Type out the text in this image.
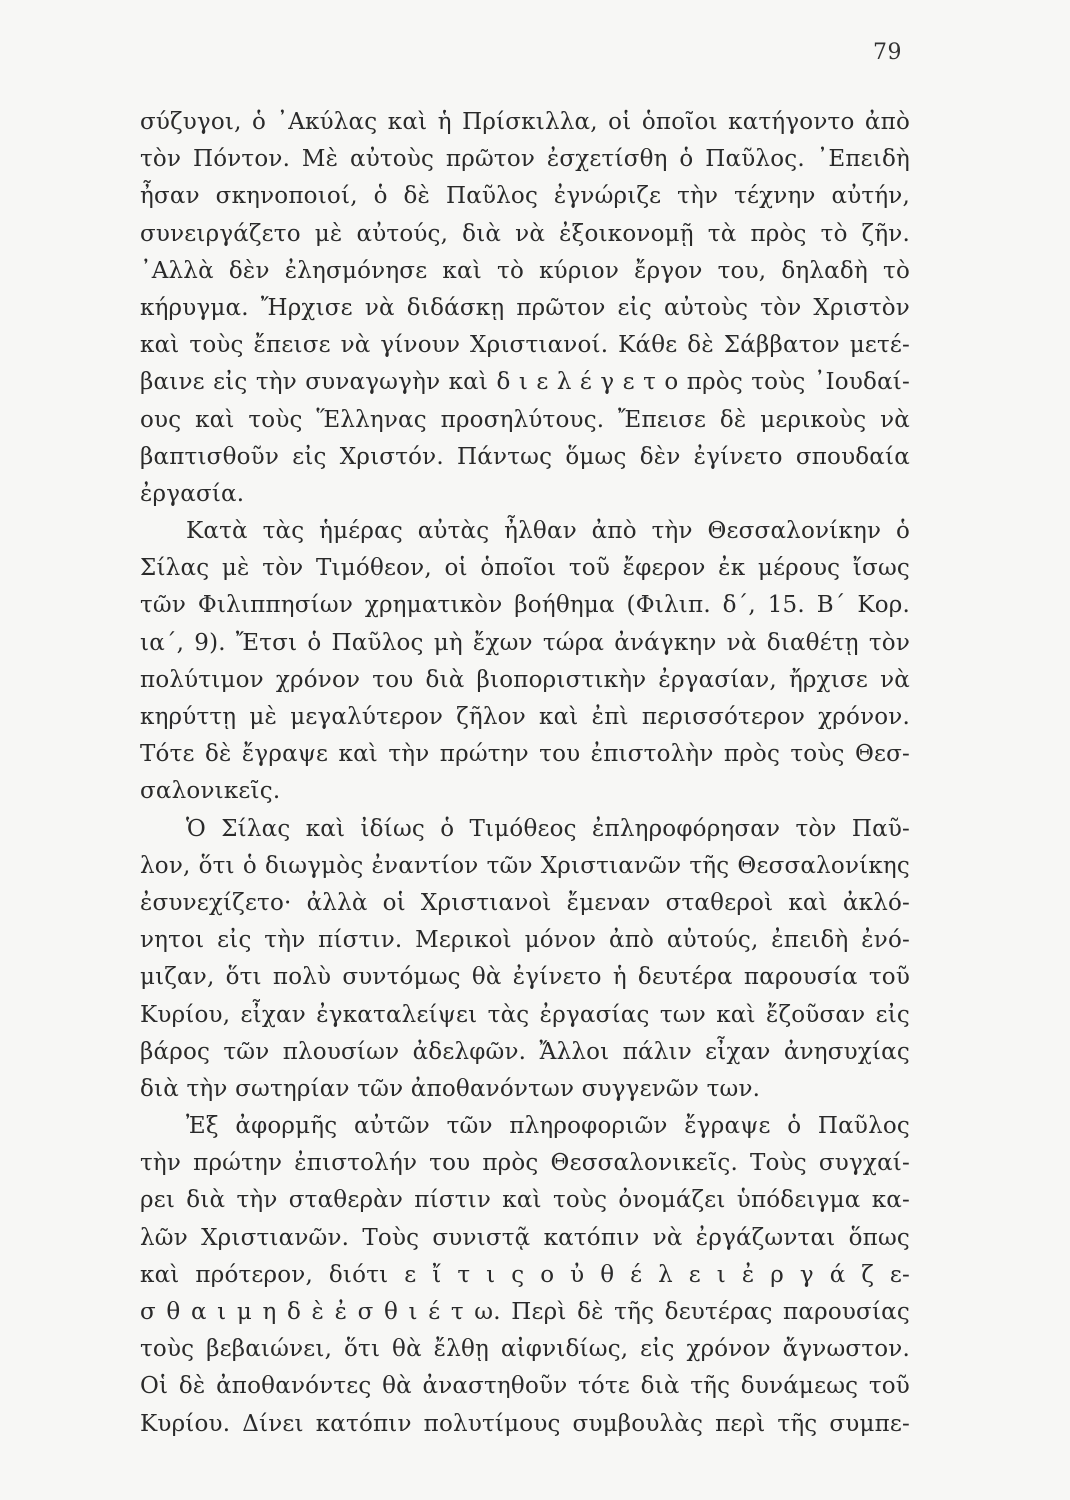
79
σύζυγοι, ὁ ᾿Ακύλας καὶ ἡ Πρίσκιλλα, οἱ ὁποῖοι κατήγοντο ἀπὸ
τὸν Πόντον. Μὲ αὐτοὺς πρῶτον ἐσχετίσθη ὁ Παῦλος. ᾿Επειδὴ
ἦσαν σκηνοποιοί, ὁ δὲ Παῦλος ἐγνώριζε τὴν τέχνην αὐτήν,
συνειργάζετο μὲ αὐτούς, διὰ νὰ ἐξοικονομῇ τὰ πρὸς τὸ ζῆν.
᾿Αλλὰ δὲν ἐλησμόνησε καὶ τὸ κύριον ἔργον του, δηλαδὴ τὸ
κήρυγμα. Ἤρχισε νὰ διδάσκῃ πρῶτον εἰς αὐτοὺς τὸν Χριστὸν
καὶ τοὺς ἔπεισε νὰ γίνουν Χριστιανοί. Κάθε δὲ Σάββατον μετέ-
βαινε εἰς τὴν συναγωγὴν καὶ δ ι ε λ έ γ ε τ ο πρὸς τοὺς ᾿Ιουδαί-
ους καὶ τοὺς Ἕλληνας προσηλύτους. Ἔπεισε δὲ μερικοὺς νὰ
βαπτισθοῦν εἰς Χριστόν. Πάντως ὅμως δὲν ἐγίνετο σπουδαία
ἐργασία.
Κατὰ τὰς ἡμέρας αὐτὰς ἦλθαν ἀπὸ τὴν Θεσσαλονίκην ὁ
Σίλας μὲ τὸν Τιμόθεον, οἱ ὁποῖοι τοῦ ἔφερον ἐκ μέρους ἴσως
τῶν Φιλιππησίων χρηματικὸν βοήθημα (Φιλιπ. δ΄, 15. Β΄ Κορ.
ια΄, 9). Ἔτσι ὁ Παῦλος μὴ ἔχων τώρα ἀνάγκην νὰ διαθέτῃ τὸν
πολύτιμον χρόνον του διὰ βιοποριστικὴν ἐργασίαν, ἤρχισε νὰ
κηρύττῃ μὲ μεγαλύτερον ζῆλον καὶ ἐπὶ περισσότερον χρόνον.
Τότε δὲ ἔγραψε καὶ τὴν πρώτην του ἐπιστολὴν πρὸς τοὺς Θεσ-
σαλονικεῖς.
Ὁ Σίλας καὶ ἰδίως ὁ Τιμόθεος ἐπληροφόρησαν τὸν Παῦ-
λον, ὅτι ὁ διωγμὸς ἐναντίον τῶν Χριστιανῶν τῆς Θεσσαλονίκης
ἐσυνεχίζετο· ἀλλὰ οἱ Χριστιανοὶ ἔμεναν σταθεροὶ καὶ ἀκλό-
νητοι εἰς τὴν πίστιν. Μερικοὶ μόνον ἀπὸ αὐτούς, ἐπειδὴ ἐνό-
μιζαν, ὅτι πολὺ συντόμως θὰ ἐγίνετο ἡ δευτέρα παρουσία τοῦ
Κυρίου, εἶχαν ἐγκαταλείψει τὰς ἐργασίας των καὶ ἔζοῦσαν εἰς
βάρος τῶν πλουσίων ἀδελφῶν. Ἄλλοι πάλιν εἶχαν ἀνησυχίας
διὰ τὴν σωτηρίαν τῶν ἀποθανόντων συγγενῶν των.
Ἐξ ἀφορμῆς αὐτῶν τῶν πληροφοριῶν ἔγραψε ὁ Παῦλος
τὴν πρώτην ἐπιστολήν του πρὸς Θεσσαλονικεῖς. Τοὺς συγχαί-
ρει διὰ τὴν σταθερὰν πίστιν καὶ τοὺς ὀνομάζει ὑπόδειγμα κα-
λῶν Χριστιανῶν. Τοὺς συνιστᾷ κατόπιν νὰ ἐργάζωνται ὅπως
καὶ πρότερον, διότι ε ἴ τ ι ς ο ὐ θ έ λ ε ι ἐ ρ γ ά ζ ε-
σ θ α ι μ η δ ὲ ἐ σ θ ι έ τ ω. Περὶ δὲ τῆς δευτέρας παρουσίας
τοὺς βεβαιώνει, ὅτι θὰ ἔλθῃ αἰφνιδίως, εἰς χρόνον ἄγνωστον.
Οἱ δὲ ἀποθανόντες θὰ ἀναστηθοῦν τότε διὰ τῆς δυνάμεως τοῦ
Κυρίου. Δίνει κατόπιν πολυτίμους συμβουλὰς περὶ τῆς συμπε-
